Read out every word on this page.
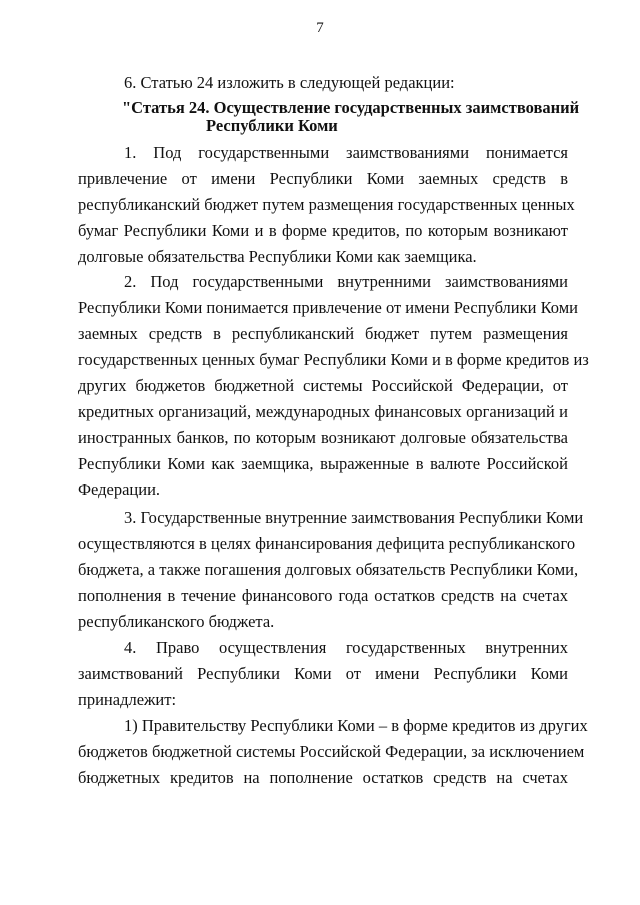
7
6. Статью 24 изложить в следующей редакции:
"Статья 24. Осуществление государственных заимствований
Республики Коми
1. Под государственными заимствованиями понимается
привлечение от имени Республики Коми заемных средств в
республиканский бюджет путем размещения государственных ценных
бумаг Республики Коми и в форме кредитов, по которым возникают
долговые обязательства Республики Коми как заемщика.
2. Под государственными внутренними заимствованиями
Республики Коми понимается привлечение от имени Республики Коми
заемных средств в республиканский бюджет путем размещения
государственных ценных бумаг Республики Коми и в форме кредитов из
других бюджетов бюджетной системы Российской Федерации, от
кредитных организаций, международных финансовых организаций и
иностранных банков, по которым возникают долговые обязательства
Республики Коми как заемщика, выраженные в валюте Российской
Федерации.
3. Государственные внутренние заимствования Республики Коми
осуществляются в целях финансирования дефицита республиканского
бюджета, а также погашения долговых обязательств Республики Коми,
пополнения в течение финансового года остатков средств на счетах
республиканского бюджета.
4. Право осуществления государственных внутренних
заимствований Республики Коми от имени Республики Коми
принадлежит:
1) Правительству Республики Коми – в форме кредитов из других
бюджетов бюджетной системы Российской Федерации, за исключением
бюджетных кредитов на пополнение остатков средств на счетах
